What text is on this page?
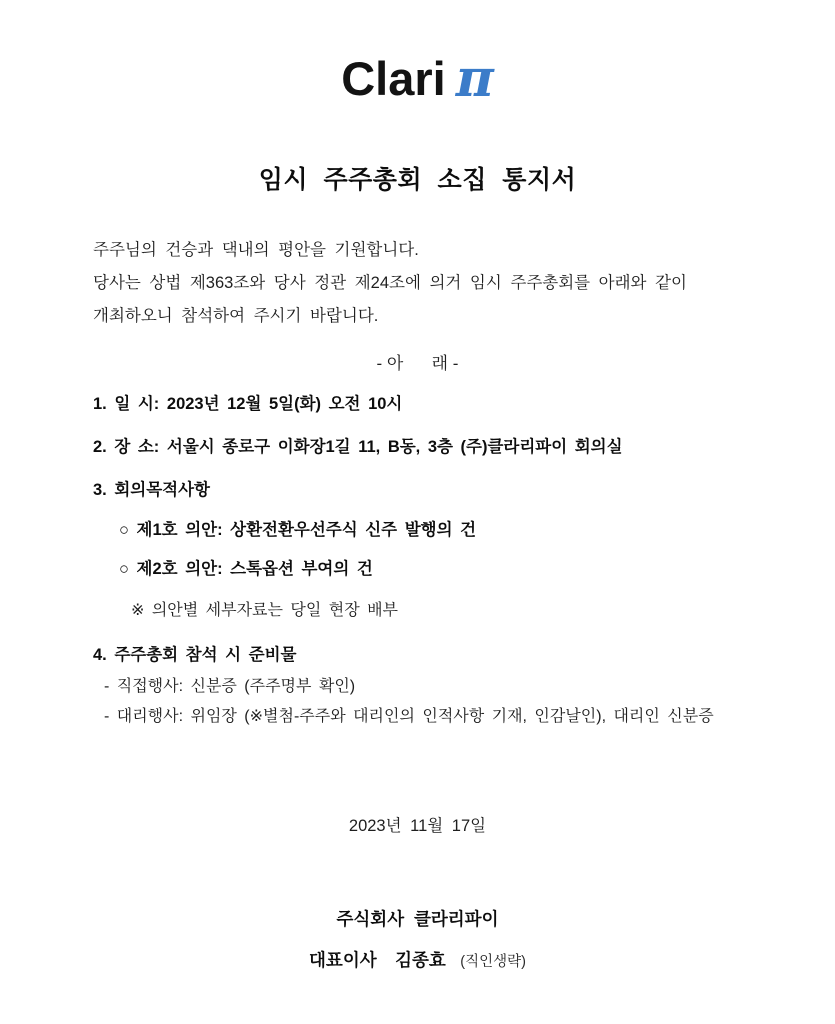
Clari π
임시 주주총회 소집 통지서
주주님의 건승과 댁내의 평안을 기원합니다.
당사는 상법 제363조와 당사 정관 제24조에 의거 임시 주주총회를 아래와 같이
개최하오니 참석하여 주시기 바랍니다.
- 아      래 -
1. 일 시: 2023년 12월 5일(화) 오전 10시
2. 장 소: 서울시 종로구 이화장1길 11, B동, 3층 (주)클라리파이 회의실
3. 회의목적사항
○ 제1호 의안: 상환전환우선주식 신주 발행의 건
○ 제2호 의안: 스톡옵션 부여의 건
※ 의안별 세부자료는 당일 현장 배부
4. 주주총회 참석 시 준비물
- 직접행사: 신분증 (주주명부 확인)
- 대리행사: 위임장 (※별첨-주주와 대리인의 인적사항 기재, 인감날인), 대리인 신분증
2023년 11월 17일
주식회사 클라리파이
대표이사 김종효 (직인생략)
